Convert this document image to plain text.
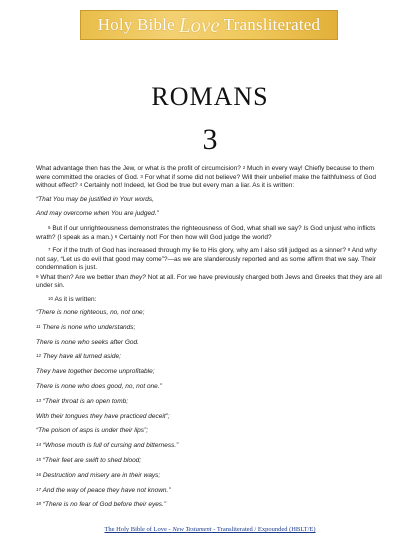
Holy Bible Love Transliterated
ROMANS
3

What advantage then has the Jew, or what is the profit of circumcision? $^2$ Much in every way! Chiefly because to them were committed the oracles of God. $^3$ For what if some did not believe? Will their unbelief make the faithfulness of God without effect? $^4$ Certainly not! Indeed, let God be true but every man a liar. As it is written:

“That You may be justified in Your words,
And may overcome when You are judged.”

$^5$ But if our unrighteousness demonstrates the righteousness of God, what shall we say? Is God unjust who inflicts wrath? (I speak as a man.) $^6$ Certainly not! For then how will God judge the world?

$^7$ For if the truth of God has increased through my lie to His glory, why am I also still judged as a sinner? $^8$ And why not say, “Let us do evil that good may come”?—as we are slanderously reported and as some affirm that we say. Their condemnation is just.

$^9$ What then? Are we better than they? Not at all. For we have previously charged both Jews and Greeks that they are all under sin.

$^{10}$ As it is written:

“There is none righteous, no, not one;
$^{11}$ There is none who understands;
There is none who seeks after God.
$^{12}$ They have all turned aside;
They have together become unprofitable;
There is none who does good, no, not one.”
$^{13}$ “Their throat is an open tomb;
With their tongues they have practiced deceit”;
“The poison of asps is under their lips”;
$^{14}$ “Whose mouth is full of cursing and bitterness.”
$^{15}$ “Their feet are swift to shed blood;
$^{16}$ Destruction and misery are in their ways;
$^{17}$ And the way of peace they have not known.”
$^{18}$ “There is no fear of God before their eyes.”
The Holy Bible of Love - New Testament - Transliterated / Expounded (HBLT/E)
